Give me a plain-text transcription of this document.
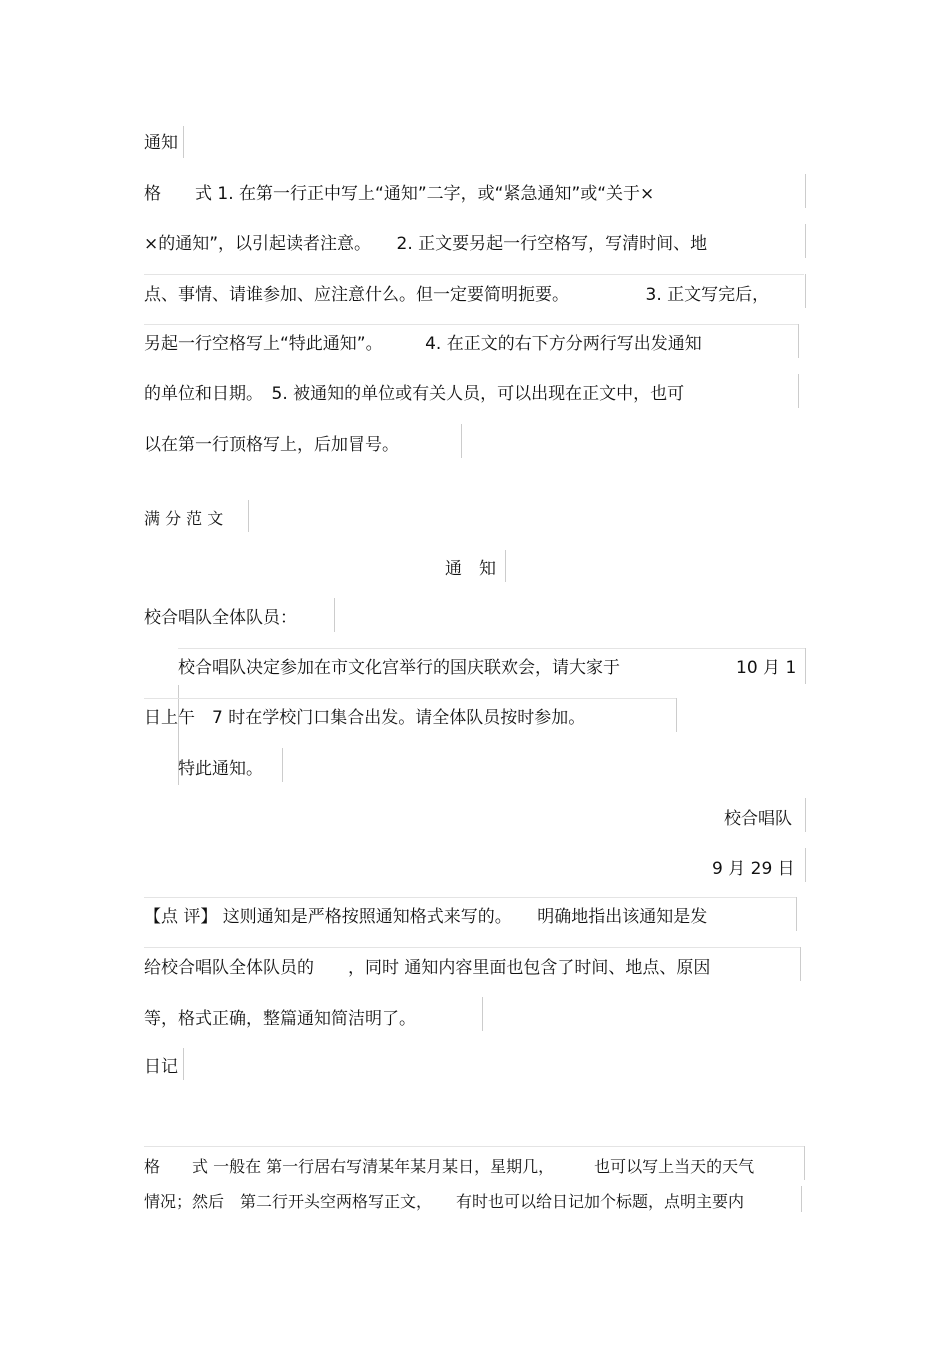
通知
格　　式 1. 在第一行正中写上“通知”二字，或“紧急通知”或“关于×
×的通知”，以引起读者注意。　　2. 正文要另起一行空格写，写清时间、地
点、事情、请谁参加、应注意什么。但一定要简明扼要。　　　　　3. 正文写完后，
另起一行空格写上“特此通知”。　　　4. 在正文的右下方分两行写出发通知
的单位和日期。　5. 被通知的单位或有关人员，可以出现在正文中，也可
以在第一行顶格写上，后加冒号。
满 分 范 文
通　知
校合唱队全体队员：
校合唱队决定参加在市文化宫举行的国庆联欢会，请大家于	10 月 1
日上午　7 时在学校门口集合出发。请全体队员按时参加。
特此通知。
校合唱队
9 月 29 日
【点 评】 这则通知是严格按照通知格式来写的。　　明确地指出该通知是发
给校合唱队全体队员的　　，同时 通知内容里面也包含了时间、地点、原因
等，格式正确，整篇通知简洁明了。
日记
格　　式 一般在 第一行居右写清某年某月某日，星期几，　　　也可以写上当天的天气
情况；然后　第二行开头空两格写正文，　　有时也可以给日记加个标题，点明主要内
